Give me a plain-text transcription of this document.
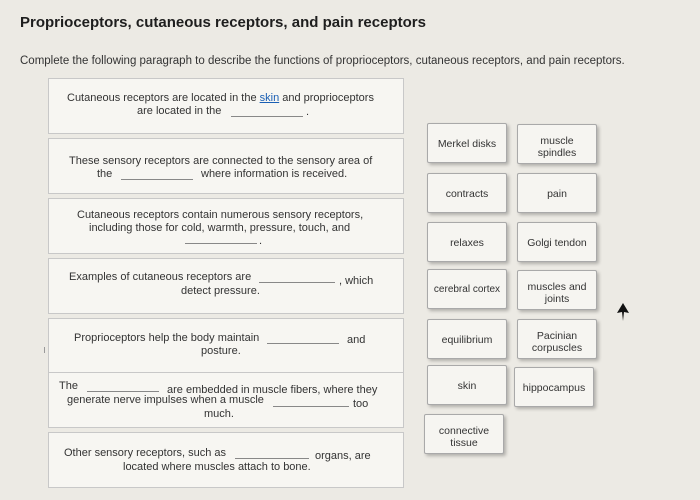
Proprioceptors, cutaneous receptors, and pain receptors
Complete the following paragraph to describe the functions of proprioceptors, cutaneous receptors, and pain receptors.
Cutaneous receptors are located in the skin and proprioceptors
are located in the	.
These sensory receptors are connected to the sensory area of
the	where information is received.
Cutaneous receptors contain numerous sensory receptors,
including those for cold, warmth, pressure, touch, and
.
Examples of cutaneous receptors are	, which
detect pressure.
Proprioceptors help the body maintain	and
posture.
The	are embedded in muscle fibers, where they
generate nerve impulses when a muscle	too
much.
Other sensory receptors, such as	organs, are
located where muscles attach to bone.
Merkel disks	muscle
spindles
contracts	pain
relaxes	Golgi tendon
cerebral cortex	muscles and
joints
equilibrium	Pacinian
corpuscles
skin	hippocampus
connective
tissue
